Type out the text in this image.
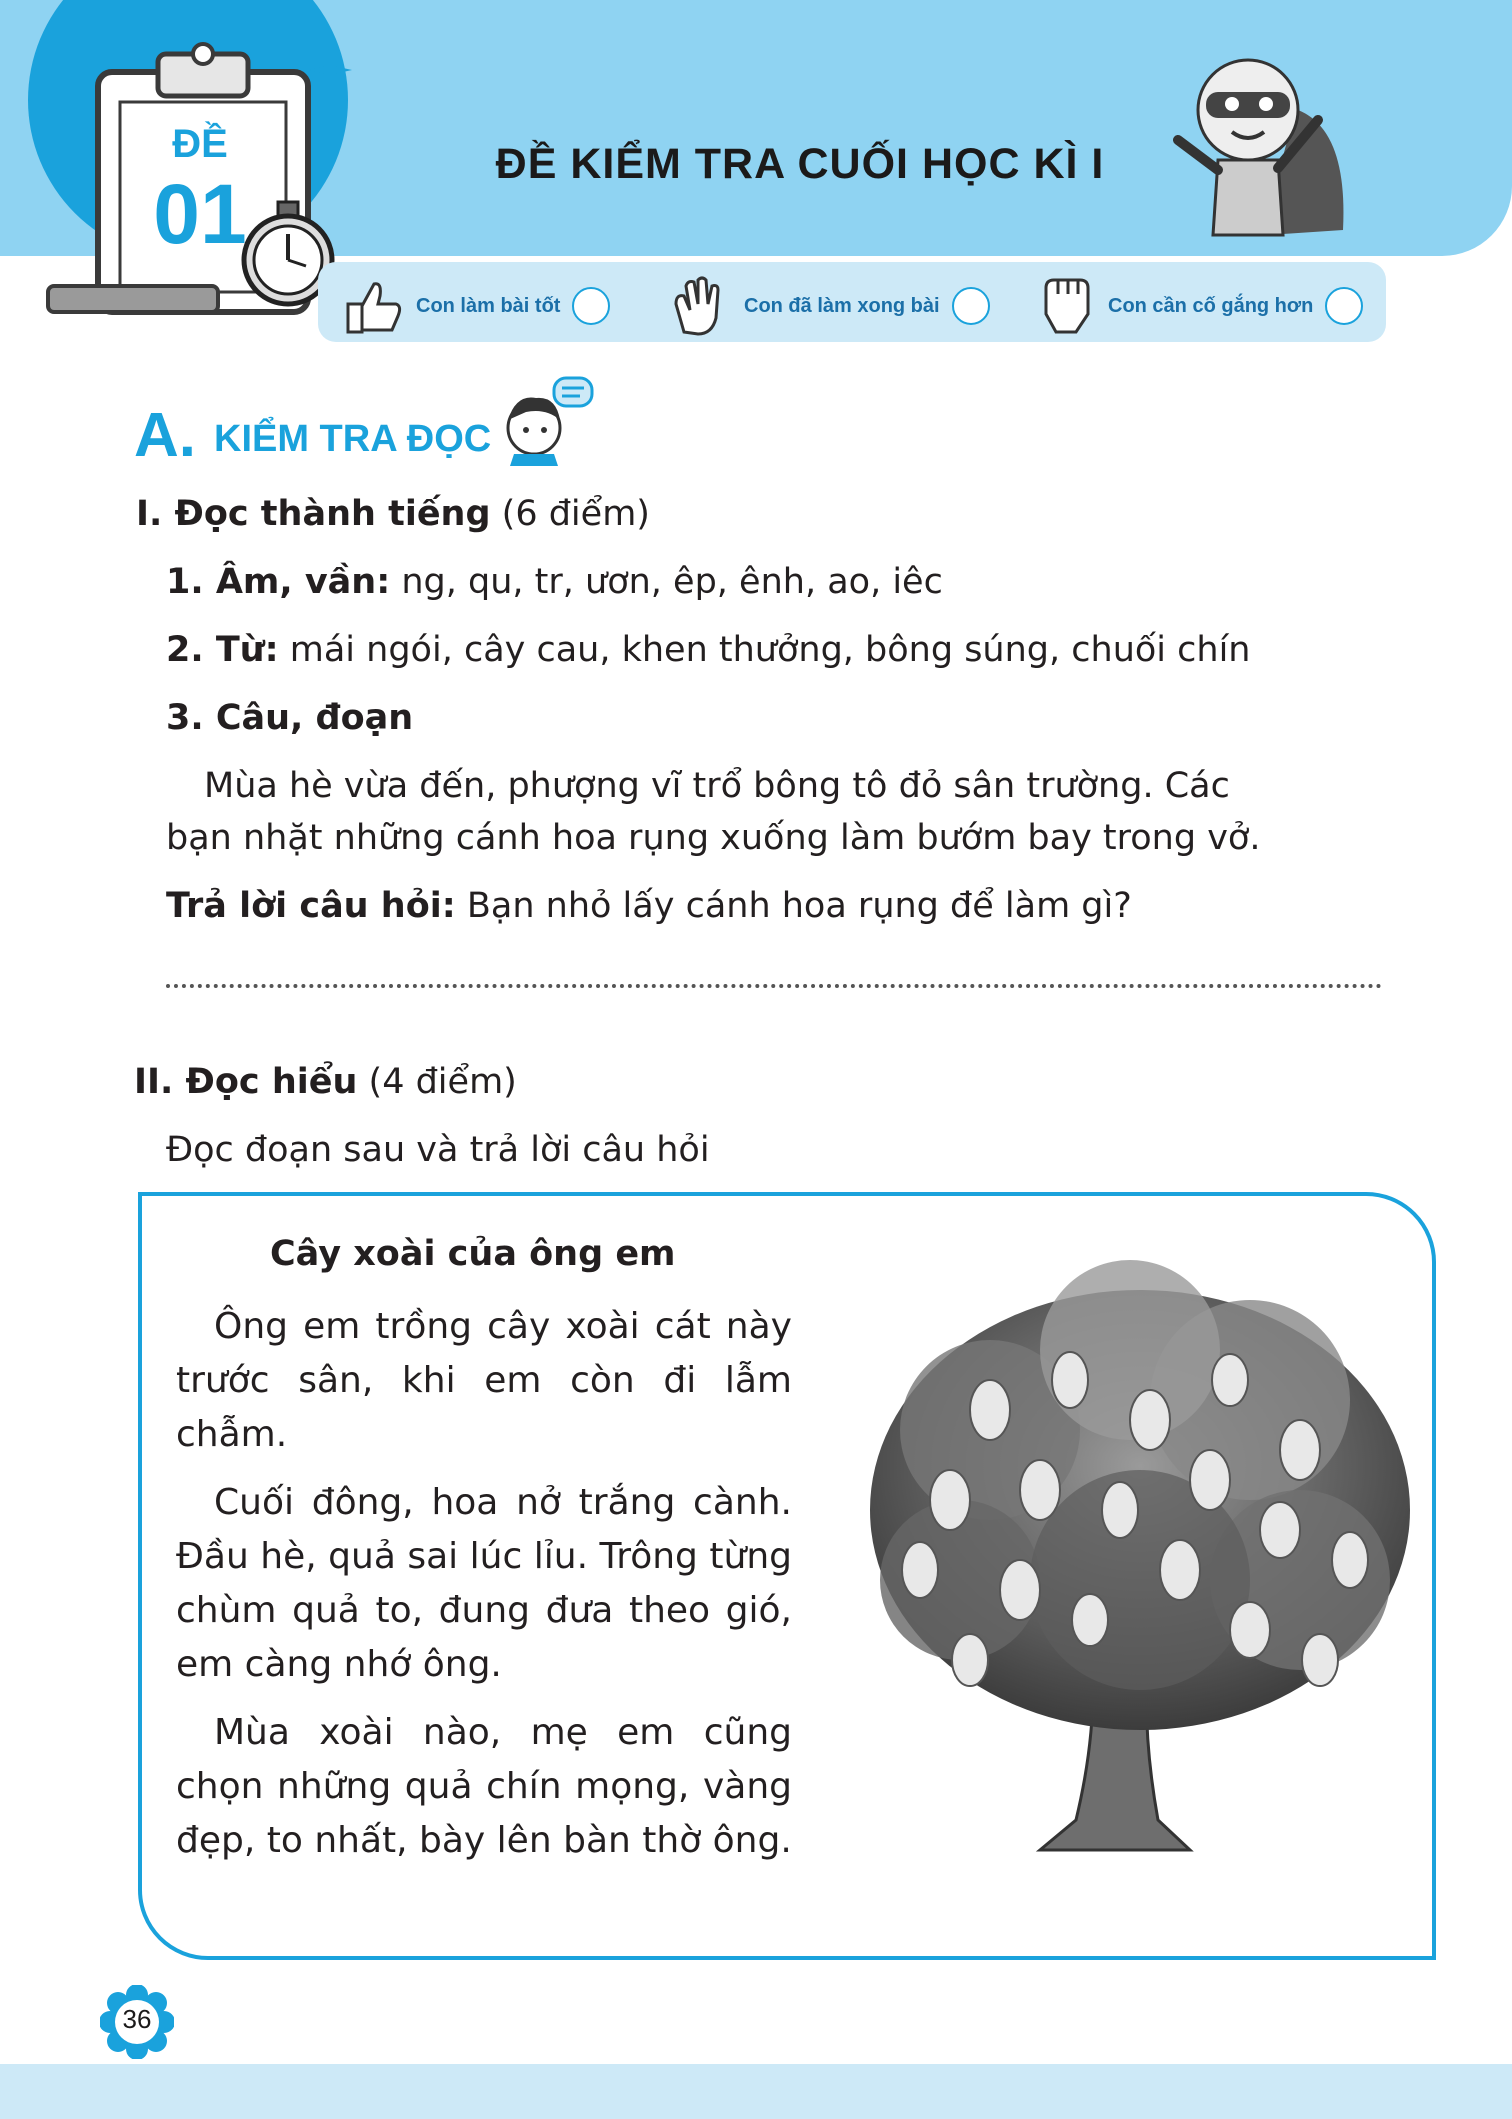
ĐỀ
01
ĐỀ KIỂM TRA CUỐI HỌC KÌ I
Con làm bài tốt	Con đã làm xong bài	Con cần cố gắng hơn
A. KIỂM TRA ĐỌC
I. Đọc thành tiếng (6 điểm)
1. Âm, vần: ng, qu, tr, ươn, êp, ênh, ao, iêc
2. Từ: mái ngói, cây cau, khen thưởng, bông súng, chuối chín
3. Câu, đoạn
Mùa hè vừa đến, phượng vĩ trổ bông tô đỏ sân trường. Các
bạn nhặt những cánh hoa rụng xuống làm bướm bay trong vở.
Trả lời câu hỏi: Bạn nhỏ lấy cánh hoa rụng để làm gì?
II. Đọc hiểu (4 điểm)
Đọc đoạn sau và trả lời câu hỏi
Cây xoài của ông em

Ông em trồng cây xoài cát này trước sân, khi em còn đi lẫm chẫm.

Cuối đông, hoa nở trắng cành. Đầu hè, quả sai lúc lỉu. Trông từng chùm quả to, đung đưa theo gió, em càng nhớ ông.

Mùa xoài nào, mẹ em cũng chọn những quả chín mọng, vàng đẹp, to nhất, bày lên bàn thờ ông.

36
